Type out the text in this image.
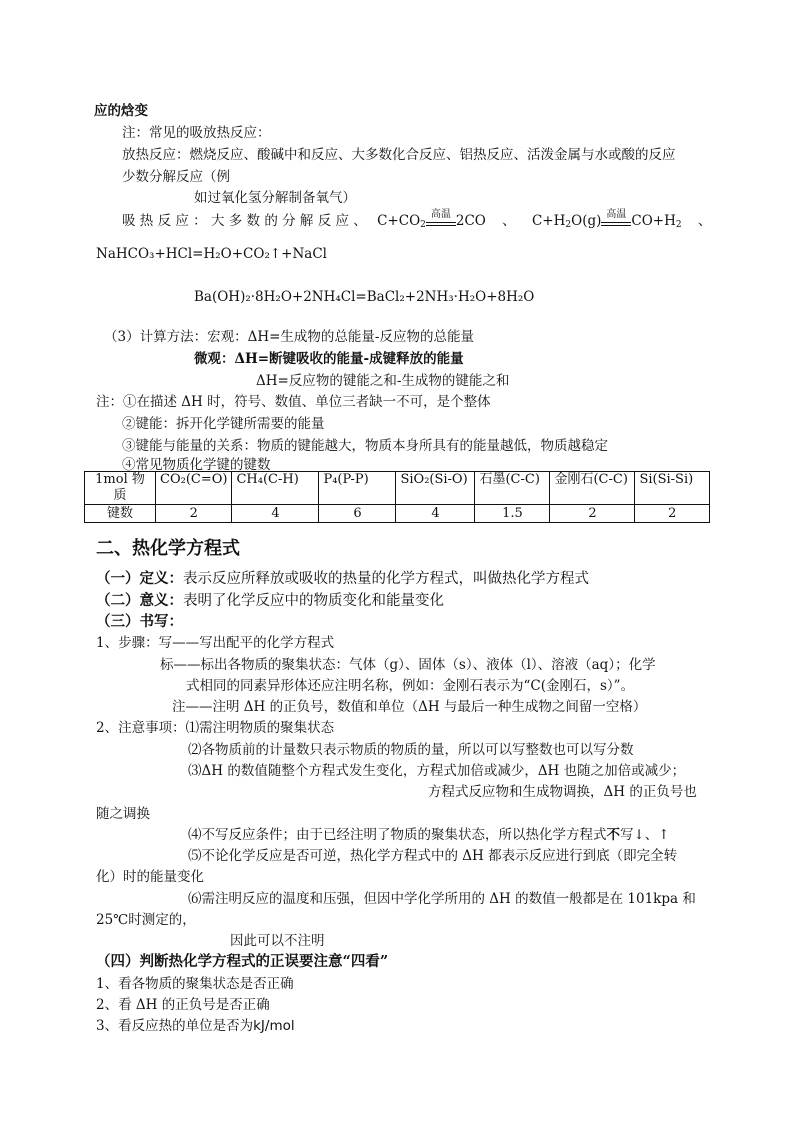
应的焓变
注：常见的吸放热反应：
放热反应：燃烧反应、酸碱中和反应、大多数化合反应、铝热反应、活泼金属与水或酸的反应
少数分解反应（例
如过氧化氢分解制备氧气）
吸 热 反 应 ： 大 多 数 的 分 解 反 应 、 $C+CO_2$
高温 2CO 、 $C+H_2O(g)$ 高温 $CO+H_2$ 、
NaHCO₃+HCl=H₂O+CO₂↑+NaCl
Ba(OH)₂·8H₂O+2NH₄Cl=BaCl₂+2NH₃·H₂O+8H₂O
（3）计算方法：宏观：ΔH=生成物的总能量-反应物的总能量
微观：ΔH=断键吸收的能量-成键释放的能量
ΔH=反应物的键能之和-生成物的键能之和
注：①在描述 ΔH 时，符号、数值、单位三者缺一不可，是个整体
②键能：拆开化学键所需要的能量
③键能与能量的关系：物质的键能越大，物质本身所具有的能量越低，物质越稳定
④常见物质化学键的键数
1mol 物质	CO₂(C=O)	CH₄(C-H)	P₄(P-P)	SiO₂(Si-O)	石墨(C-C)	金刚石(C-C)	Si(Si-Si)
键数	2	4	6	4	1.5	2	2
二、热化学方程式
（一）定义：表示反应所释放或吸收的热量的化学方程式，叫做热化学方程式
（二）意义：表明了化学反应中的物质变化和能量变化
（三）书写：
1、步骤：写——写出配平的化学方程式
标——标出各物质的聚集状态：气体（g）、固体（s）、液体（l）、溶液（aq）；化学
式相同的同素异形体还应注明名称，例如：金刚石表示为“C(金刚石，s）”。
注——注明 ΔH 的正负号，数值和单位（ΔH 与最后一种生成物之间留一空格）
2、注意事项：⑴需注明物质的聚集状态
⑵各物质前的计量数只表示物质的物质的量，所以可以写整数也可以写分数
⑶ΔH 的数值随整个方程式发生变化，方程式加倍或减少，ΔH 也随之加倍或减少；
方程式反应物和生成物调换，ΔH 的正负号也
随之调换
⑷不写反应条件；由于已经注明了物质的聚集状态，所以热化学方程式不写↓、↑
⑸不论化学反应是否可逆，热化学方程式中的 ΔH 都表示反应进行到底（即完全转
化）时的能量变化
⑹需注明反应的温度和压强，但因中学化学所用的 ΔH 的数值一般都是在 101kpa 和
25℃时测定的，
因此可以不注明
（四）判断热化学方程式的正误要注意“四看”
1、看各物质的聚集状态是否正确
2、看 ΔH 的正负号是否正确
3、看反应热的单位是否为kJ/mol
